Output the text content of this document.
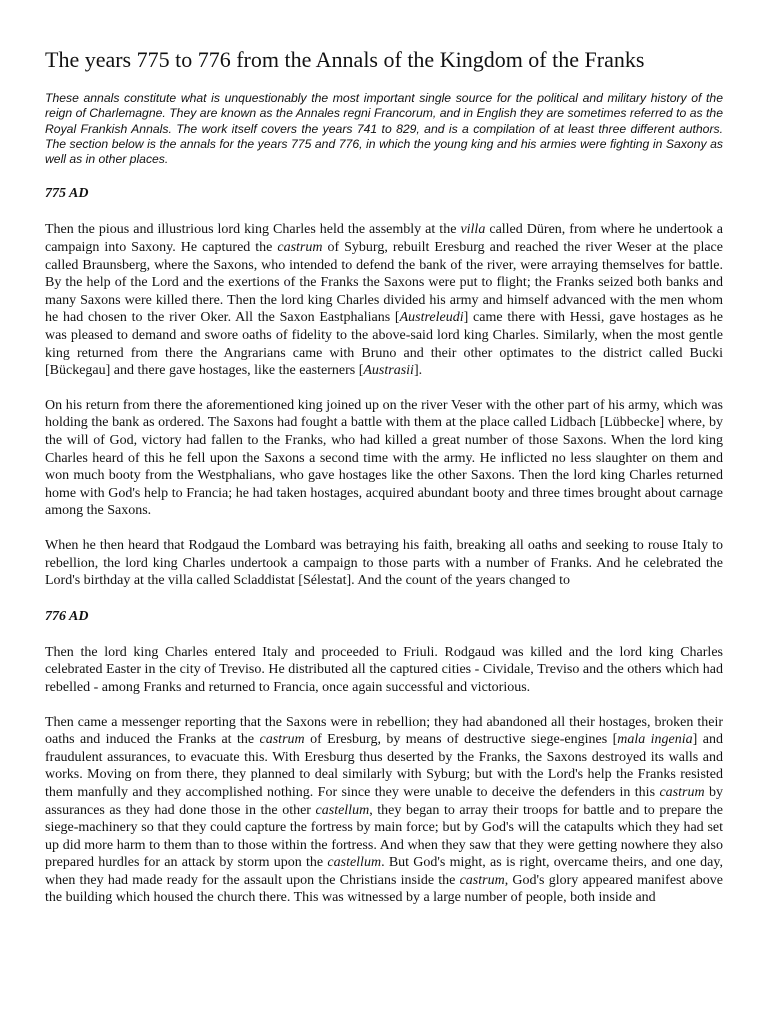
The years 775 to 776 from the Annals of the Kingdom of the Franks

These annals constitute what is unquestionably the most important single source for the political and military history of the reign of Charlemagne. They are known as the Annales regni Francorum, and in English they are sometimes referred to as the Royal Frankish Annals. The work itself covers the years 741 to 829, and is a compilation of at least three different authors. The section below is the annals for the years 775 and 776, in which the young king and his armies were fighting in Saxony as well as in other places.

775 AD

Then the pious and illustrious lord king Charles held the assembly at the villa called Düren, from where he undertook a campaign into Saxony. He captured the castrum of Syburg, rebuilt Eresburg and reached the river Weser at the place called Braunsberg, where the Saxons, who intended to defend the bank of the river, were arraying themselves for battle. By the help of the Lord and the exertions of the Franks the Saxons were put to flight; the Franks seized both banks and many Saxons were killed there. Then the lord king Charles divided his army and himself advanced with the men whom he had chosen to the river Oker. All the Saxon Eastphalians [Austreleudi] came there with Hessi, gave hostages as he was pleased to demand and swore oaths of fidelity to the above-said lord king Charles. Similarly, when the most gentle king returned from there the Angrarians came with Bruno and their other optimates to the district called Bucki [Bückegau] and there gave hostages, like the easterners [Austrasii].

On his return from there the aforementioned king joined up on the river Veser with the other part of his army, which was holding the bank as ordered. The Saxons had fought a battle with them at the place called Lidbach [Lübbecke] where, by the will of God, victory had fallen to the Franks, who had killed a great number of those Saxons. When the lord king Charles heard of this he fell upon the Saxons a second time with the army. He inflicted no less slaughter on them and won much booty from the Westphalians, who gave hostages like the other Saxons. Then the lord king Charles returned home with God's help to Francia; he had taken hostages, acquired abundant booty and three times brought about carnage among the Saxons.

When he then heard that Rodgaud the Lombard was betraying his faith, breaking all oaths and seeking to rouse Italy to rebellion, the lord king Charles undertook a campaign to those parts with a number of Franks. And he celebrated the Lord's birthday at the villa called Scladdistat [Sélestat]. And the count of the years changed to

776 AD

Then the lord king Charles entered Italy and proceeded to Friuli. Rodgaud was killed and the lord king Charles celebrated Easter in the city of Treviso. He distributed all the captured cities - Cividale, Treviso and the others which had rebelled - among Franks and returned to Francia, once again successful and victorious.

Then came a messenger reporting that the Saxons were in rebellion; they had abandoned all their hostages, broken their oaths and induced the Franks at the castrum of Eresburg, by means of destructive siege-engines [mala ingenia] and fraudulent assurances, to evacuate this. With Eresburg thus deserted by the Franks, the Saxons destroyed its walls and works. Moving on from there, they planned to deal similarly with Syburg; but with the Lord's help the Franks resisted them manfully and they accomplished nothing. For since they were unable to deceive the defenders in this castrum by assurances as they had done those in the other castellum, they began to array their troops for battle and to prepare the siege-machinery so that they could capture the fortress by main force; but by God's will the catapults which they had set up did more harm to them than to those within the fortress. And when they saw that they were getting nowhere they also prepared hurdles for an attack by storm upon the castellum. But God's might, as is right, overcame theirs, and one day, when they had made ready for the assault upon the Christians inside the castrum, God's glory appeared manifest above the building which housed the church there. This was witnessed by a large number of people, both inside and
